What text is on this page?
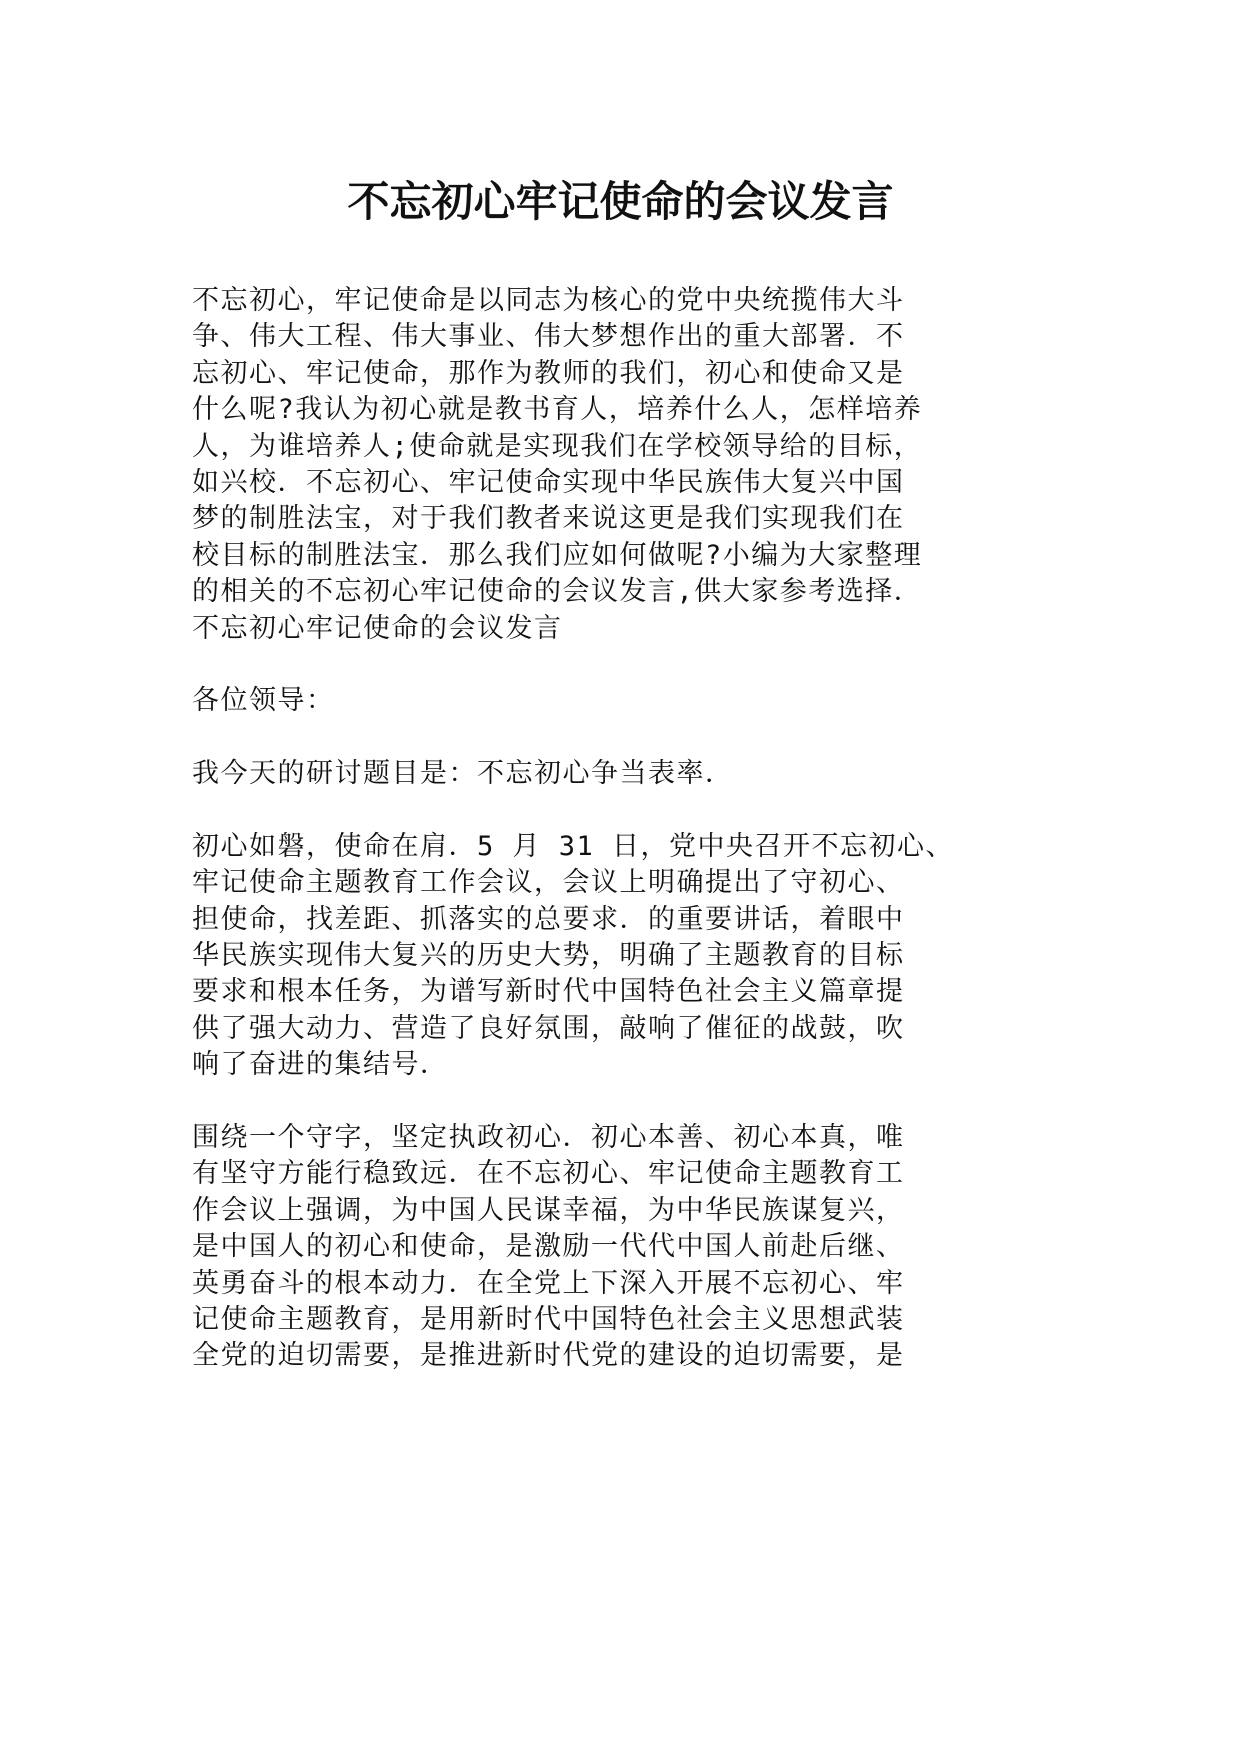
不忘初心牢记使命的会议发言

不忘初心，牢记使命是以同志为核心的党中央统揽伟大斗
争、伟大工程、伟大事业、伟大梦想作出的重大部署．不
忘初心、牢记使命，那作为教师的我们，初心和使命又是
什么呢?我认为初心就是教书育人，培养什么人，怎样培养
人，为谁培养人;使命就是实现我们在学校领导给的目标，
如兴校．不忘初心、牢记使命实现中华民族伟大复兴中国
梦的制胜法宝，对于我们教者来说这更是我们实现我们在
校目标的制胜法宝．那么我们应如何做呢?小编为大家整理
的相关的不忘初心牢记使命的会议发言,供大家参考选择．
不忘初心牢记使命的会议发言

各位领导：

我今天的研讨题目是：不忘初心争当表率．

初心如磐，使命在肩．5 月 31 日，党中央召开不忘初心、
牢记使命主题教育工作会议，会议上明确提出了守初心、
担使命，找差距、抓落实的总要求．的重要讲话，着眼中
华民族实现伟大复兴的历史大势，明确了主题教育的目标
要求和根本任务，为谱写新时代中国特色社会主义篇章提
供了强大动力、营造了良好氛围，敲响了催征的战鼓，吹
响了奋进的集结号．

围绕一个守字，坚定执政初心．初心本善、初心本真，唯
有坚守方能行稳致远．在不忘初心、牢记使命主题教育工
作会议上强调，为中国人民谋幸福，为中华民族谋复兴，
是中国人的初心和使命，是激励一代代中国人前赴后继、
英勇奋斗的根本动力．在全党上下深入开展不忘初心、牢
记使命主题教育，是用新时代中国特色社会主义思想武装
全党的迫切需要，是推进新时代党的建设的迫切需要，是
